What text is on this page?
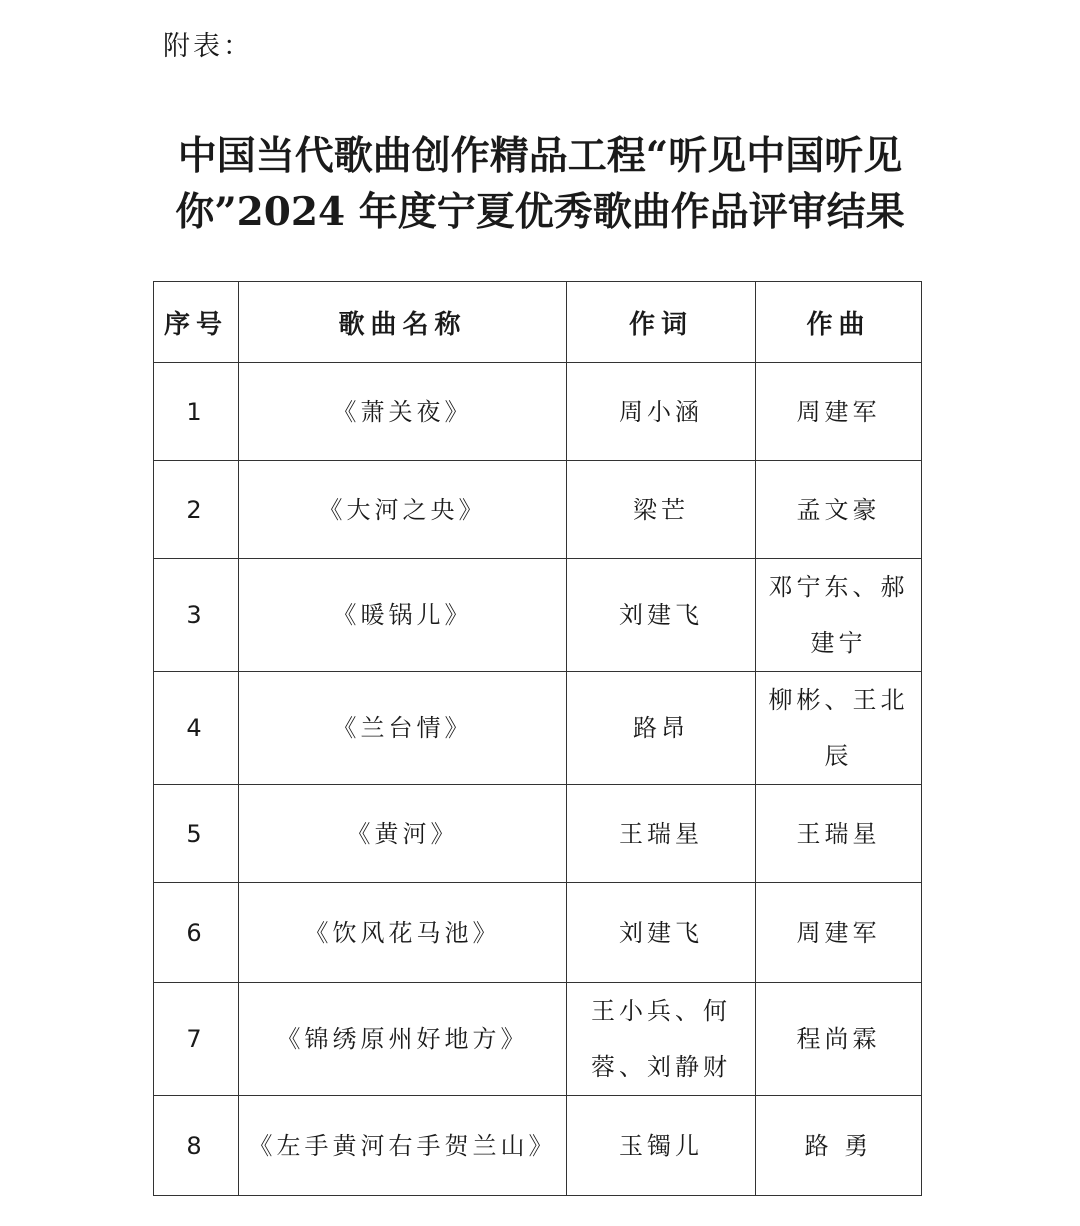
附表：
中国当代歌曲创作精品工程“听见中国听见
你”2024 年度宁夏优秀歌曲作品评审结果
序号	歌曲名称	作词	作曲
1	《萧关夜》	周小涵	周建军
2	《大河之央》	梁芒	孟文豪
3	《暖锅儿》	刘建飞	邓宁东、郝建宁
4	《兰台情》	路昂	柳彬、王北辰
5	《黄河》	王瑞星	王瑞星
6	《饮风花马池》	刘建飞	周建军
7	《锦绣原州好地方》	王小兵、何蓉、刘静财	程尚霖
8	《左手黄河右手贺兰山》	玉镯儿	路 勇
